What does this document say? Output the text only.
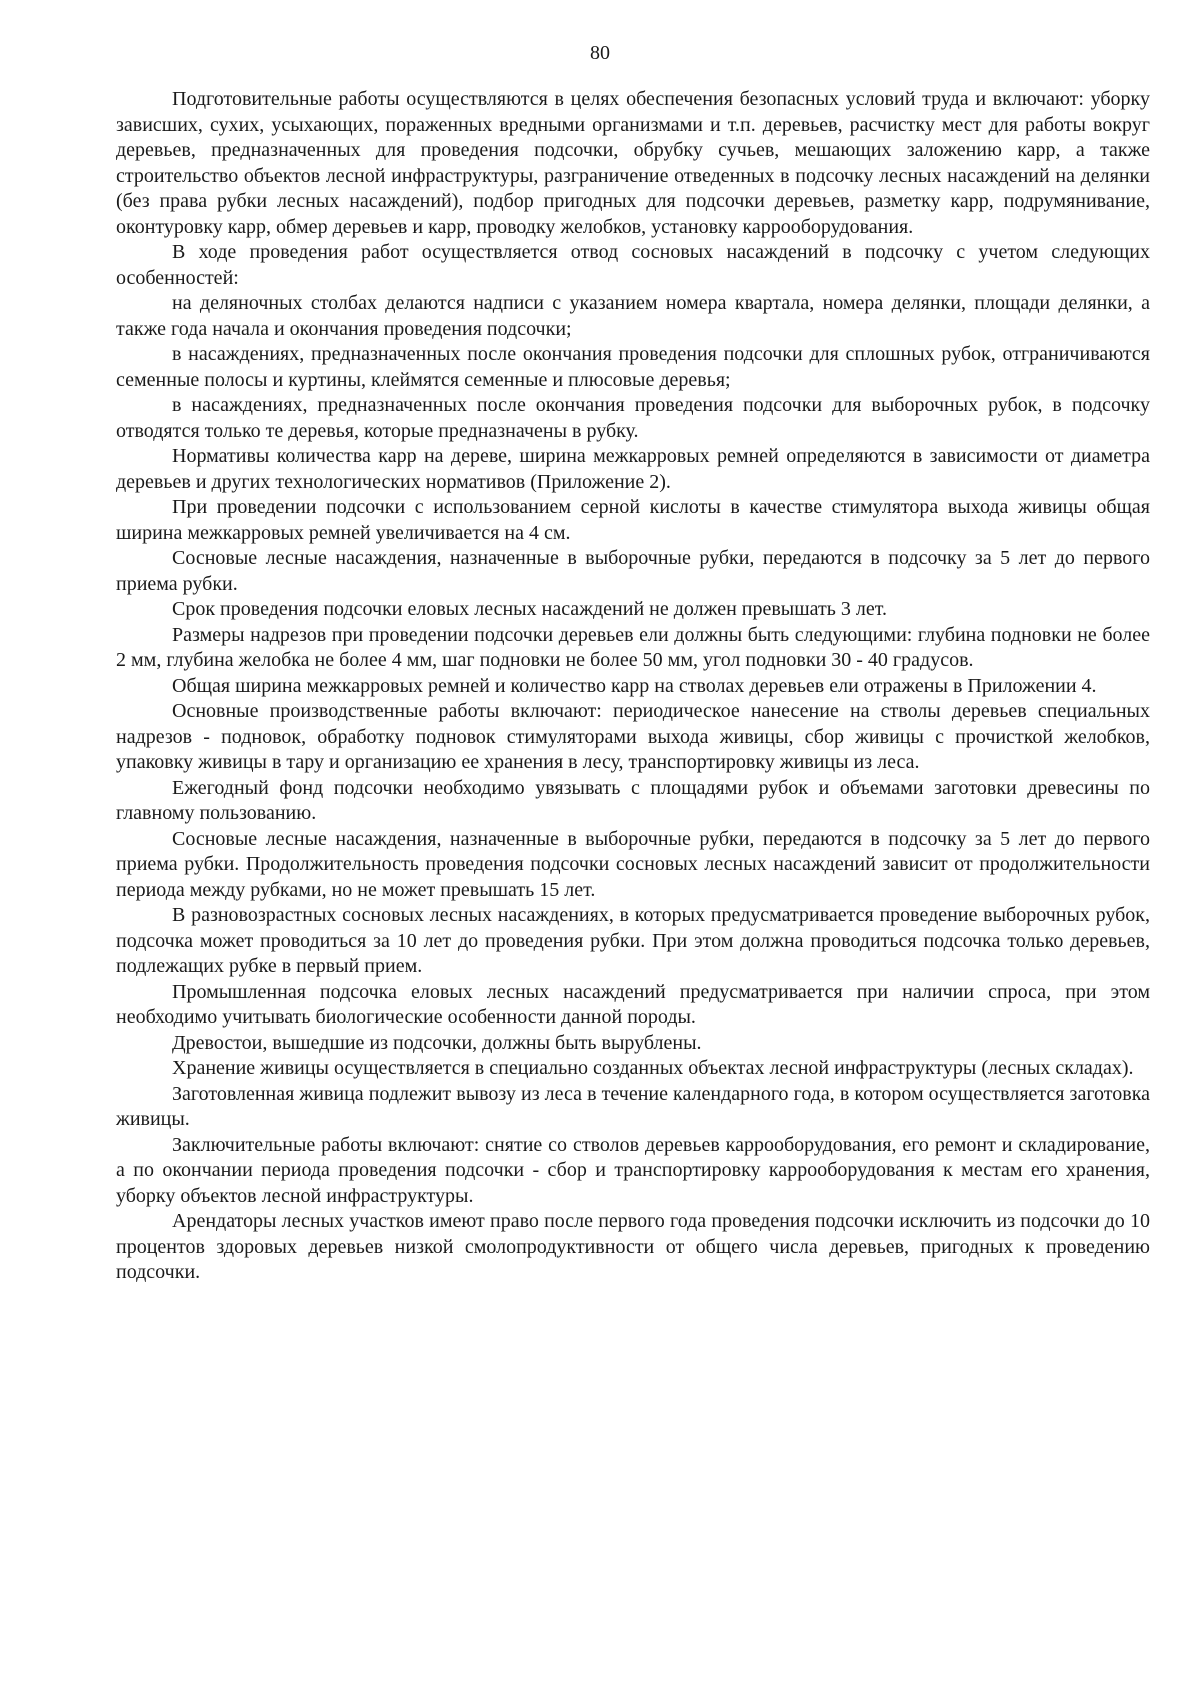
80

Подготовительные работы осуществляются в целях обеспечения безопасных условий труда и включают: уборку зависших, сухих, усыхающих, пораженных вредными организмами и т.п. деревьев, расчистку мест для работы вокруг деревьев, предназначенных для проведения подсочки, обрубку сучьев, мешающих заложению карр, а также строительство объектов лесной инфраструктуры, разграничение отведенных в подсочку лесных насаждений на делянки (без права рубки лесных насаждений), подбор пригодных для подсочки деревьев, разметку карр, подрумянивание, оконтуровку карр, обмер деревьев и карр, проводку желобков, установку каррооборудования.

В ходе проведения работ осуществляется отвод сосновых насаждений в подсочку с учетом следующих особенностей:

на деляночных столбах делаются надписи с указанием номера квартала, номера делянки, площади делянки, а также года начала и окончания проведения подсочки;

в насаждениях, предназначенных после окончания проведения подсочки для сплошных рубок, отграничиваются семенные полосы и куртины, клеймятся семенные и плюсовые деревья;

в насаждениях, предназначенных после окончания проведения подсочки для выборочных рубок, в подсочку отводятся только те деревья, которые предназначены в рубку.

Нормативы количества карр на дереве, ширина межкарровых ремней определяются в зависимости от диаметра деревьев и других технологических нормативов (Приложение 2).

При проведении подсочки с использованием серной кислоты в качестве стимулятора выхода живицы общая ширина межкарровых ремней увеличивается на 4 см.

Сосновые лесные насаждения, назначенные в выборочные рубки, передаются в подсочку за 5 лет до первого приема рубки.

Срок проведения подсочки еловых лесных насаждений не должен превышать 3 лет.

Размеры надрезов при проведении подсочки деревьев ели должны быть следующими: глубина подновки не более 2 мм, глубина желобка не более 4 мм, шаг подновки не более 50 мм, угол подновки 30 - 40 градусов.

Общая ширина межкарровых ремней и количество карр на стволах деревьев ели отражены в Приложении 4.

Основные производственные работы включают: периодическое нанесение на стволы деревьев специальных надрезов - подновок, обработку подновок стимуляторами выхода живицы, сбор живицы с прочисткой желобков, упаковку живицы в тару и организацию ее хранения в лесу, транспортировку живицы из леса.

Ежегодный фонд подсочки необходимо увязывать с площадями рубок и объемами заготовки древесины по главному пользованию.

Сосновые лесные насаждения, назначенные в выборочные рубки, передаются в подсочку за 5 лет до первого приема рубки. Продолжительность проведения подсочки сосновых лесных насаждений зависит от продолжительности периода между рубками, но не может превышать 15 лет.

В разновозрастных сосновых лесных насаждениях, в которых предусматривается проведение выборочных рубок, подсочка может проводиться за 10 лет до проведения рубки. При этом должна проводиться подсочка только деревьев, подлежащих рубке в первый прием.

Промышленная подсочка еловых лесных насаждений предусматривается при наличии спроса, при этом необходимо учитывать биологические особенности данной породы.

Древостои, вышедшие из подсочки, должны быть вырублены.

Хранение живицы осуществляется в специально созданных объектах лесной инфраструктуры (лесных складах).

Заготовленная живица подлежит вывозу из леса в течение календарного года, в котором осуществляется заготовка живицы.

Заключительные работы включают: снятие со стволов деревьев каррооборудования, его ремонт и складирование, а по окончании периода проведения подсочки - сбор и транспортировку каррооборудования к местам его хранения, уборку объектов лесной инфраструктуры.

Арендаторы лесных участков имеют право после первого года проведения подсочки исключить из подсочки до 10 процентов здоровых деревьев низкой смолопродуктивности от общего числа деревьев, пригодных к проведению подсочки.
